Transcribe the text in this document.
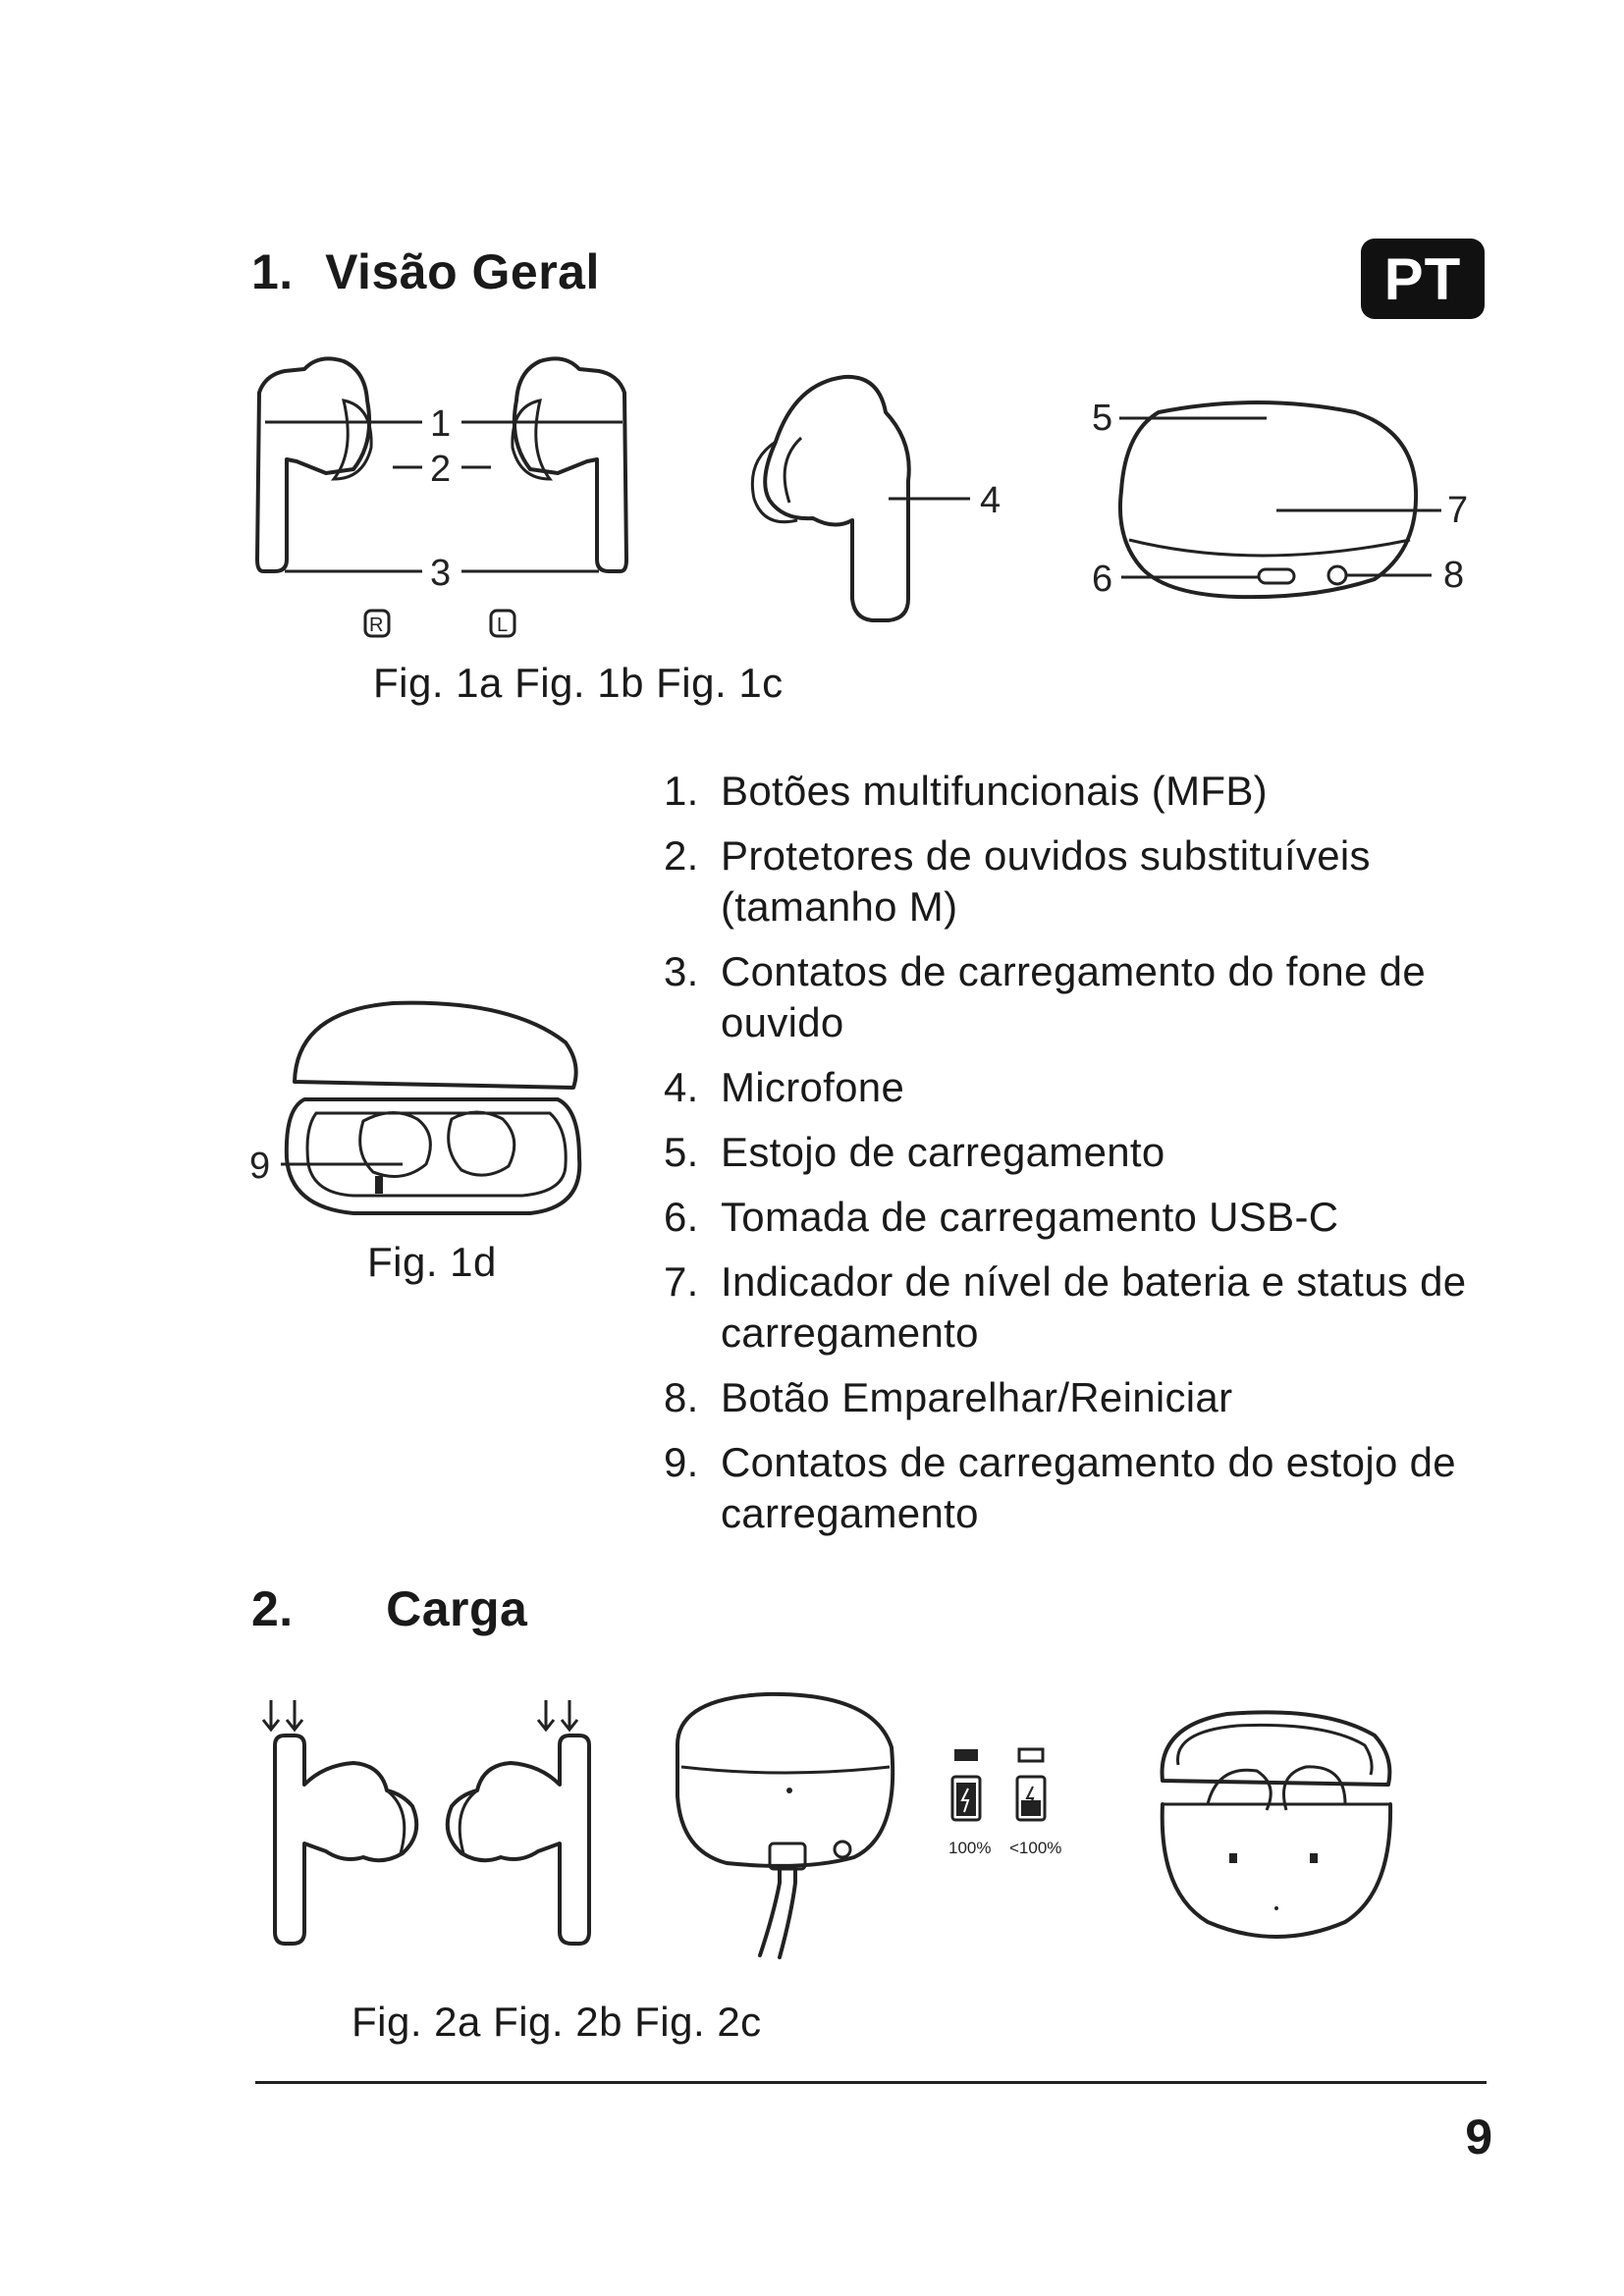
1. Visão Geral	PT
1
2
3
R	L
4
5
7
6	8
Fig. 1a Fig. 1b Fig. 1c
9
Fig. 1d
1. Botões multifuncionais (MFB)
2. Protetores de ouvidos substituíveis (tamanho M)
3. Contatos de carregamento do fone de ouvido
4. Microfone
5. Estojo de carregamento
6. Tomada de carregamento USB-C
7. Indicador de nível de bateria e status de carregamento
8. Botão Emparelhar/Reiniciar
9. Contatos de carregamento do estojo de carregamento
2. Carga
100% <100%
Fig. 2a Fig. 2b Fig. 2c
9
